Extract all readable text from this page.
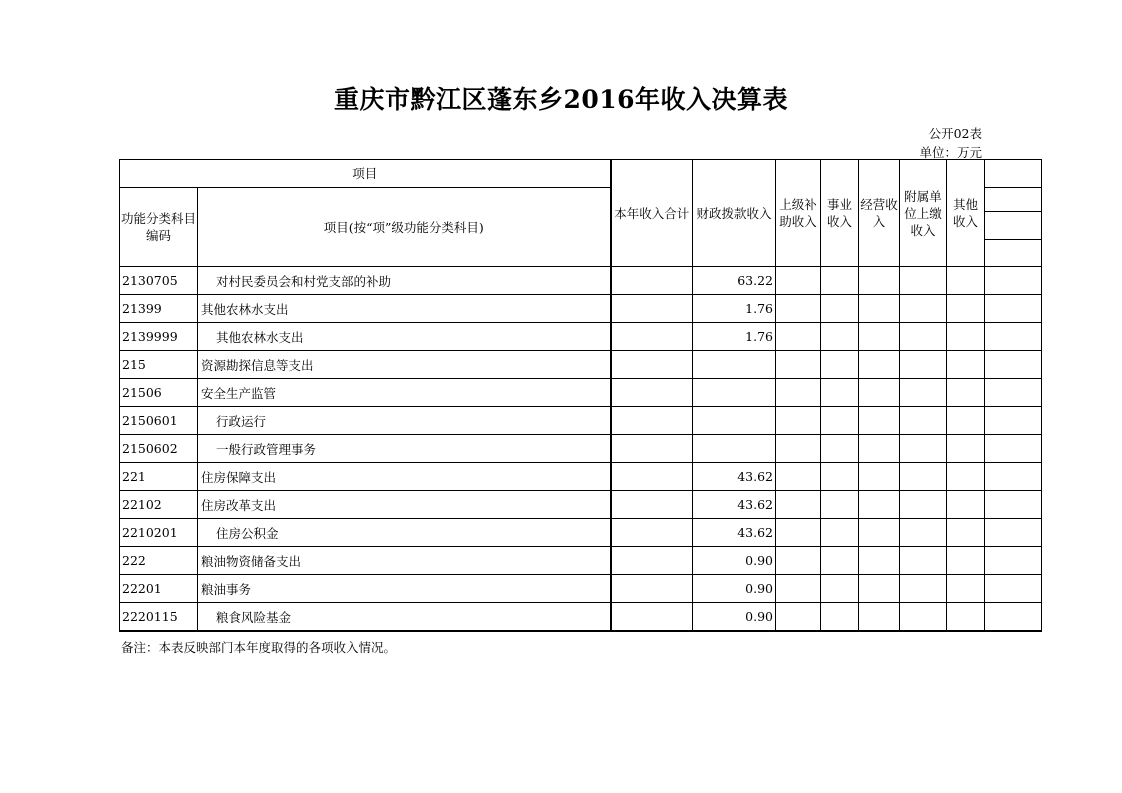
重庆市黔江区蓬东乡2016年收入决算表
公开02表
单位：万元
项目		本年收入合计	财政拨款收入	上级补助收入	事业收入	经营收入	附属单位上缴收入	其他收入	
功能分类科目编码	项目(按“项”级功能分类科目)								

2130705	对村民委员会和村党支部的补助		63.22						
21399	其他农林水支出		1.76						
2139999	其他农林水支出		1.76						
215	资源勘探信息等支出								
21506	安全生产监管								
2150601	行政运行								
2150602	一般行政管理事务								
221	住房保障支出		43.62						
22102	住房改革支出		43.62						
2210201	住房公积金		43.62						
222	粮油物资储备支出		0.90						
22201	粮油事务		0.90						
2220115	粮食风险基金		0.90						
备注：本表反映部门本年度取得的各项收入情况。
